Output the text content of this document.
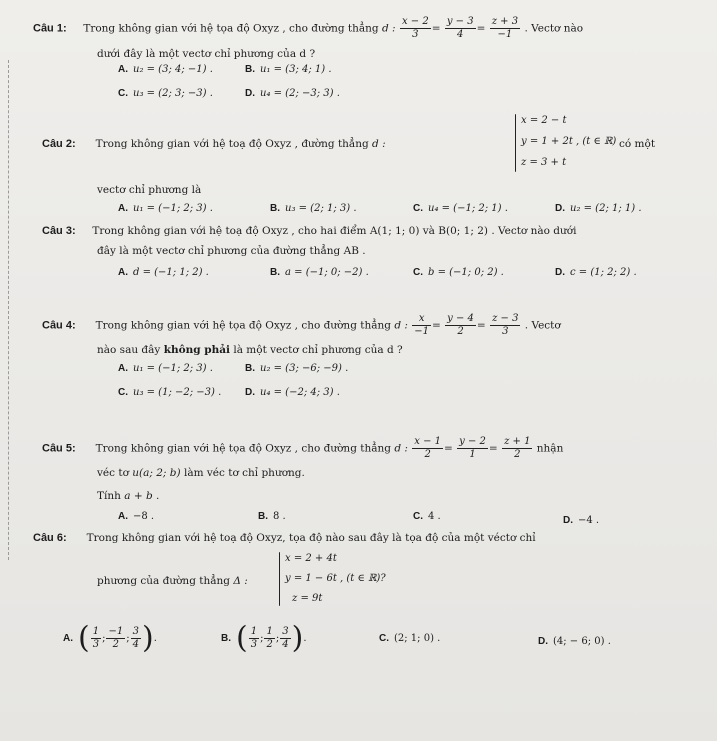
Câu 1: Trong không gian với hệ tọa độ Oxyz , cho đường thẳng d : $\frac{x - 2}{3} = \frac{y - 3}{4} = \frac{z + 3}{-1}$ . Vectơ nào
dưới đây là một vectơ chỉ phương của d ?
A. u₂ = (3; 4; −1) .	B. u₁ = (3; 4; 1) .
C. u₃ = (2; 3; −3) .	D. u₄ = (2; −3; 3) .
Câu 2: Trong không gian với hệ toạ độ Oxyz , đường thẳng d :
x = 2 − t
y = 1 + 2t , (t ∈ ℝ)
z = 3 + t
có một
vectơ chỉ phương là
A. u₁ = (−1; 2; 3) .	B. u₃ = (2; 1; 3) .	C. u₄ = (−1; 2; 1) .	D. u₂ = (2; 1; 1) .
Câu 3: Trong không gian với hệ toạ độ Oxyz , cho hai điểm A(1; 1; 0) và B(0; 1; 2) . Vectơ nào dưới
đây là một vectơ chỉ phương của đường thẳng AB .
A. d = (−1; 1; 2) .	B. a = (−1; 0; −2) .	C. b = (−1; 0; 2) .	D. c = (1; 2; 2) .
Câu 4: Trong không gian với hệ tọa độ Oxyz , cho đường thẳng d : $\frac{x}{-1} = \frac{y - 4}{2} = \frac{z - 3}{3}$ . Vectơ
nào sau đây không phải là một vectơ chỉ phương của d ?
A. u₁ = (−1; 2; 3) .	B. u₂ = (3; −6; −9) .
C. u₃ = (1; −2; −3) . D. u₄ = (−2; 4; 3) .
Câu 5: Trong không gian với hệ tọa độ Oxyz , cho đường thẳng d : $\frac{x - 1}{2} = \frac{y - 2}{1} = \frac{z + 1}{2}$ nhận
véc tơ u(a; 2; b) làm véc tơ chỉ phương.
Tính a + b .
A. −8 .	B. 8 .	C. 4 .	D. −4 .
Câu 6: Trong không gian với hệ toạ độ Oxyz, tọa độ nào sau đây là tọa độ của một véctơ chỉ
phương của đường thẳng Δ :
x = 2 + 4t
y = 1 − 6t , (t ∈ ℝ)?
z = 9t
A. ( $\frac{1}{3}$ ; $\frac{-1}{2}$ ; $\frac{3}{4}$ ).	B. ( $\frac{1}{3}$ ; $\frac{1}{2}$ ; $\frac{3}{4}$ ).	C. (2; 1; 0) .	D. (4; − 6; 0) .
